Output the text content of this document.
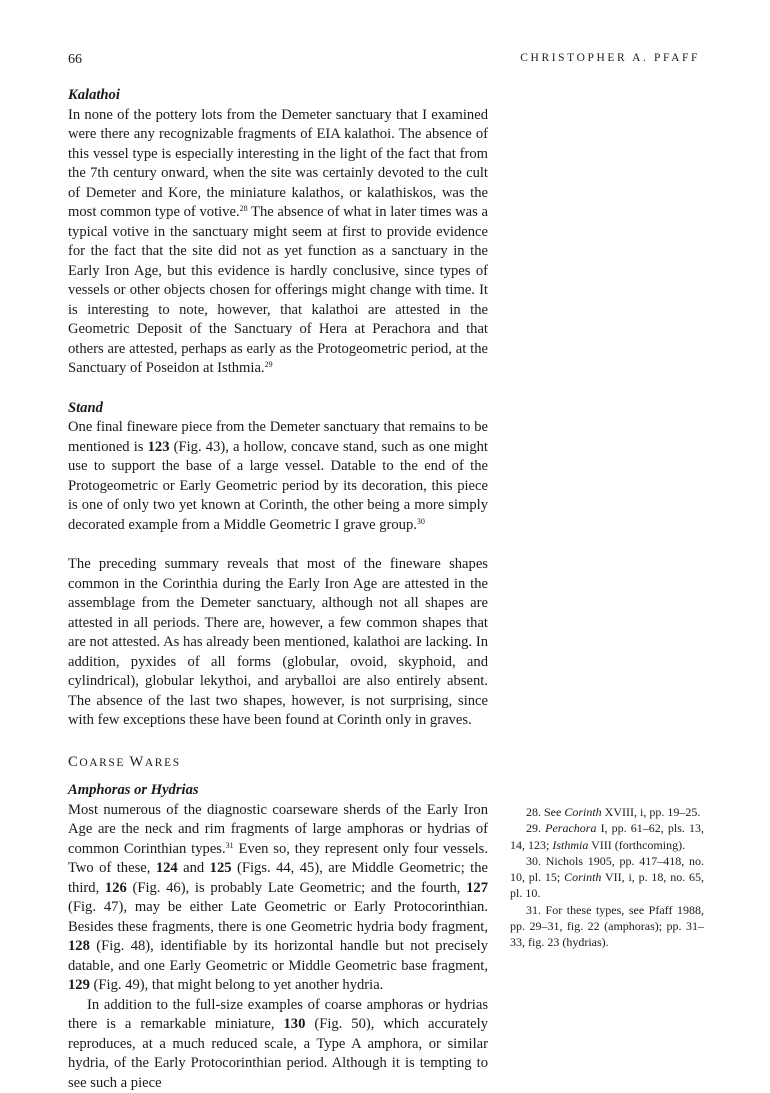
66	CHRISTOPHER A. PFAFF
Kalathoi

In none of the pottery lots from the Demeter sanctuary that I examined were there any recognizable fragments of EIA kalathoi. The absence of this vessel type is especially interesting in the light of the fact that from the 7th century onward, when the site was certainly devoted to the cult of Demeter and Kore, the miniature kalathos, or kalathiskos, was the most common type of votive.$^{28}$ The absence of what in later times was a typical votive in the sanctuary might seem at first to provide evidence for the fact that the site did not as yet function as a sanctuary in the Early Iron Age, but this evidence is hardly conclusive, since types of vessels or other objects chosen for offerings might change with time. It is interesting to note, however, that kalathoi are attested in the Geometric Deposit of the Sanctuary of Hera at Perachora and that others are attested, perhaps as early as the Protogeometric period, at the Sanctuary of Poseidon at Isthmia.$^{29}$

Stand

One final fineware piece from the Demeter sanctuary that remains to be mentioned is 123 (Fig. 43), a hollow, concave stand, such as one might use to support the base of a large vessel. Datable to the end of the Protogeometric or Early Geometric period by its decoration, this piece is one of only two yet known at Corinth, the other being a more simply decorated example from a Middle Geometric I grave group.$^{30}$

The preceding summary reveals that most of the fineware shapes common in the Corinthia during the Early Iron Age are attested in the assemblage from the Demeter sanctuary, although not all shapes are attested in all periods. There are, however, a few common shapes that are not attested. As has already been mentioned, kalathoi are lacking. In addition, pyxides of all forms (globular, ovoid, skyphoid, and cylindrical), globular lekythoi, and aryballoi are also entirely absent. The absence of the last two shapes, however, is not surprising, since with few exceptions these have been found at Corinth only in graves.

COARSE WARES
Amphoras or Hydrias

Most numerous of the diagnostic coarseware sherds of the Early Iron Age are the neck and rim fragments of large amphoras or hydrias of common Corinthian types.$^{31}$ Even so, they represent only four vessels. Two of these, 124 and 125 (Figs. 44, 45), are Middle Geometric; the third, 126 (Fig. 46), is probably Late Geometric; and the fourth, 127 (Fig. 47), may be either Late Geometric or Early Protocorinthian. Besides these fragments, there is one Geometric hydria body fragment, 128 (Fig. 48), identifiable by its horizontal handle but not precisely datable, and one Early Geometric or Middle Geometric base fragment, 129 (Fig. 49), that might belong to yet another hydria.

In addition to the full-size examples of coarse amphoras or hydrias there is a remarkable miniature, 130 (Fig. 50), which accurately reproduces, at a much reduced scale, a Type A amphora, or similar hydria, of the Early Protocorinthian period. Although it is tempting to see such a piece

28. See Corinth XVIII, i, pp. 19–25.

29. Perachora I, pp. 61–62, pls. 13, 14, 123; Isthmia VIII (forthcoming).

30. Nichols 1905, pp. 417–418, no. 10, pl. 15; Corinth VII, i, p. 18, no. 65, pl. 10.

31. For these types, see Pfaff 1988, pp. 29–31, fig. 22 (amphoras); pp. 31–33, fig. 23 (hydrias).
